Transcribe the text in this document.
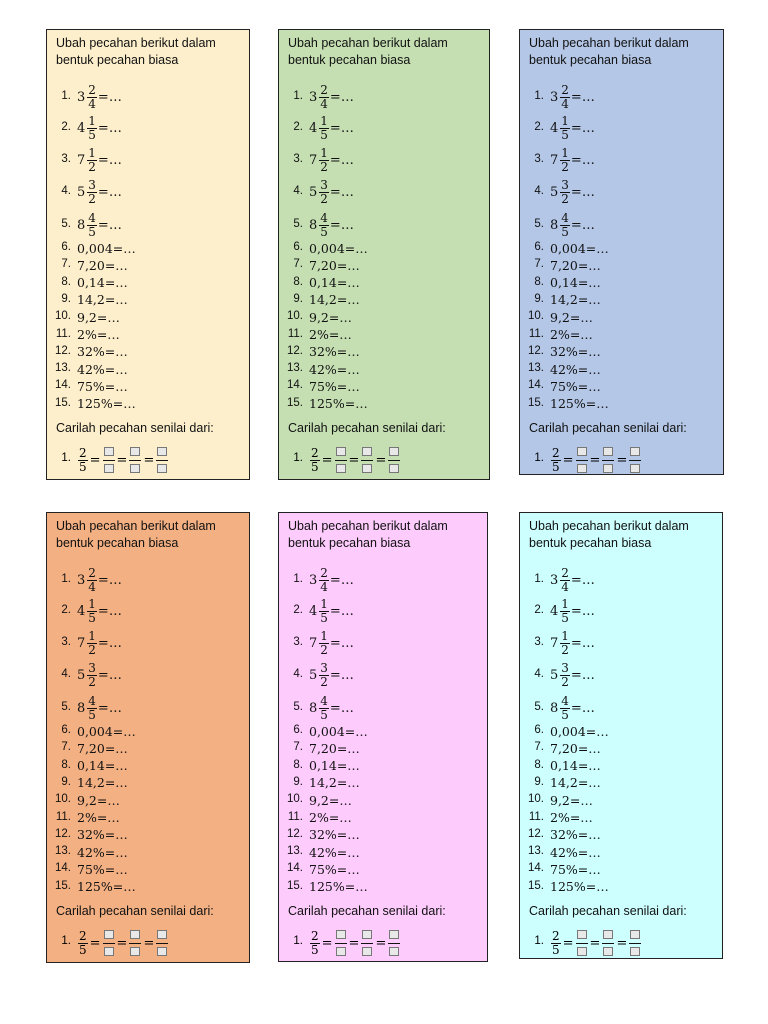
Ubah pecahan berikut dalam bentuk pecahan biasa
1. $3 \frac{2}{4}$ =…
2. $4 \frac{1}{5}$ =…
3. $7 \frac{1}{2}$ =…
4. $5 \frac{3}{2}$ =…
5. $8 \frac{4}{5}$ =…
6. 0,004=…
7. 7,20=…
8. 0,14=…
9. 14,2=…
10. 9,2=…
11. 2%=…
12. 32%=…
13. 42%=…
14. 75%=…
15. 125%=…
Carilah pecahan senilai dari:
1. $\frac{2}{5}$ = = =
Ubah pecahan berikut dalam bentuk pecahan biasa
1. $3 \frac{2}{4}$ =…
2. $4 \frac{1}{5}$ =…
3. $7 \frac{1}{2}$ =…
4. $5 \frac{3}{2}$ =…
5. $8 \frac{4}{5}$ =…
6. 0,004=…
7. 7,20=…
8. 0,14=…
9. 14,2=…
10. 9,2=…
11. 2%=…
12. 32%=…
13. 42%=…
14. 75%=…
15. 125%=…
Carilah pecahan senilai dari:
1. $\frac{2}{5}$ = = =
Ubah pecahan berikut dalam bentuk pecahan biasa
1. $3 \frac{2}{4}$ =…
2. $4 \frac{1}{5}$ =…
3. $7 \frac{1}{2}$ =…
4. $5 \frac{3}{2}$ =…
5. $8 \frac{4}{5}$ =…
6. 0,004=…
7. 7,20=…
8. 0,14=…
9. 14,2=…
10. 9,2=…
11. 2%=…
12. 32%=…
13. 42%=…
14. 75%=…
15. 125%=…
Carilah pecahan senilai dari:
1. $\frac{2}{5}$ = = =
Ubah pecahan berikut dalam bentuk pecahan biasa
1. $3 \frac{2}{4}$ =…
2. $4 \frac{1}{5}$ =…
3. $7 \frac{1}{2}$ =…
4. $5 \frac{3}{2}$ =…
5. $8 \frac{4}{5}$ =…
6. 0,004=…
7. 7,20=…
8. 0,14=…
9. 14,2=…
10. 9,2=…
11. 2%=…
12. 32%=…
13. 42%=…
14. 75%=…
15. 125%=…
Carilah pecahan senilai dari:
1. $\frac{2}{5}$ = = =
Ubah pecahan berikut dalam bentuk pecahan biasa
1. $3 \frac{2}{4}$ =…
2. $4 \frac{1}{5}$ =…
3. $7 \frac{1}{2}$ =…
4. $5 \frac{3}{2}$ =…
5. $8 \frac{4}{5}$ =…
6. 0,004=…
7. 7,20=…
8. 0,14=…
9. 14,2=…
10. 9,2=…
11. 2%=…
12. 32%=…
13. 42%=…
14. 75%=…
15. 125%=…
Carilah pecahan senilai dari:
1. $\frac{2}{5}$ = = =
Ubah pecahan berikut dalam bentuk pecahan biasa
1. $3 \frac{2}{4}$ =…
2. $4 \frac{1}{5}$ =…
3. $7 \frac{1}{2}$ =…
4. $5 \frac{3}{2}$ =…
5. $8 \frac{4}{5}$ =…
6. 0,004=…
7. 7,20=…
8. 0,14=…
9. 14,2=…
10. 9,2=…
11. 2%=…
12. 32%=…
13. 42%=…
14. 75%=…
15. 125%=…
Carilah pecahan senilai dari:
1. $\frac{2}{5}$ = = =
